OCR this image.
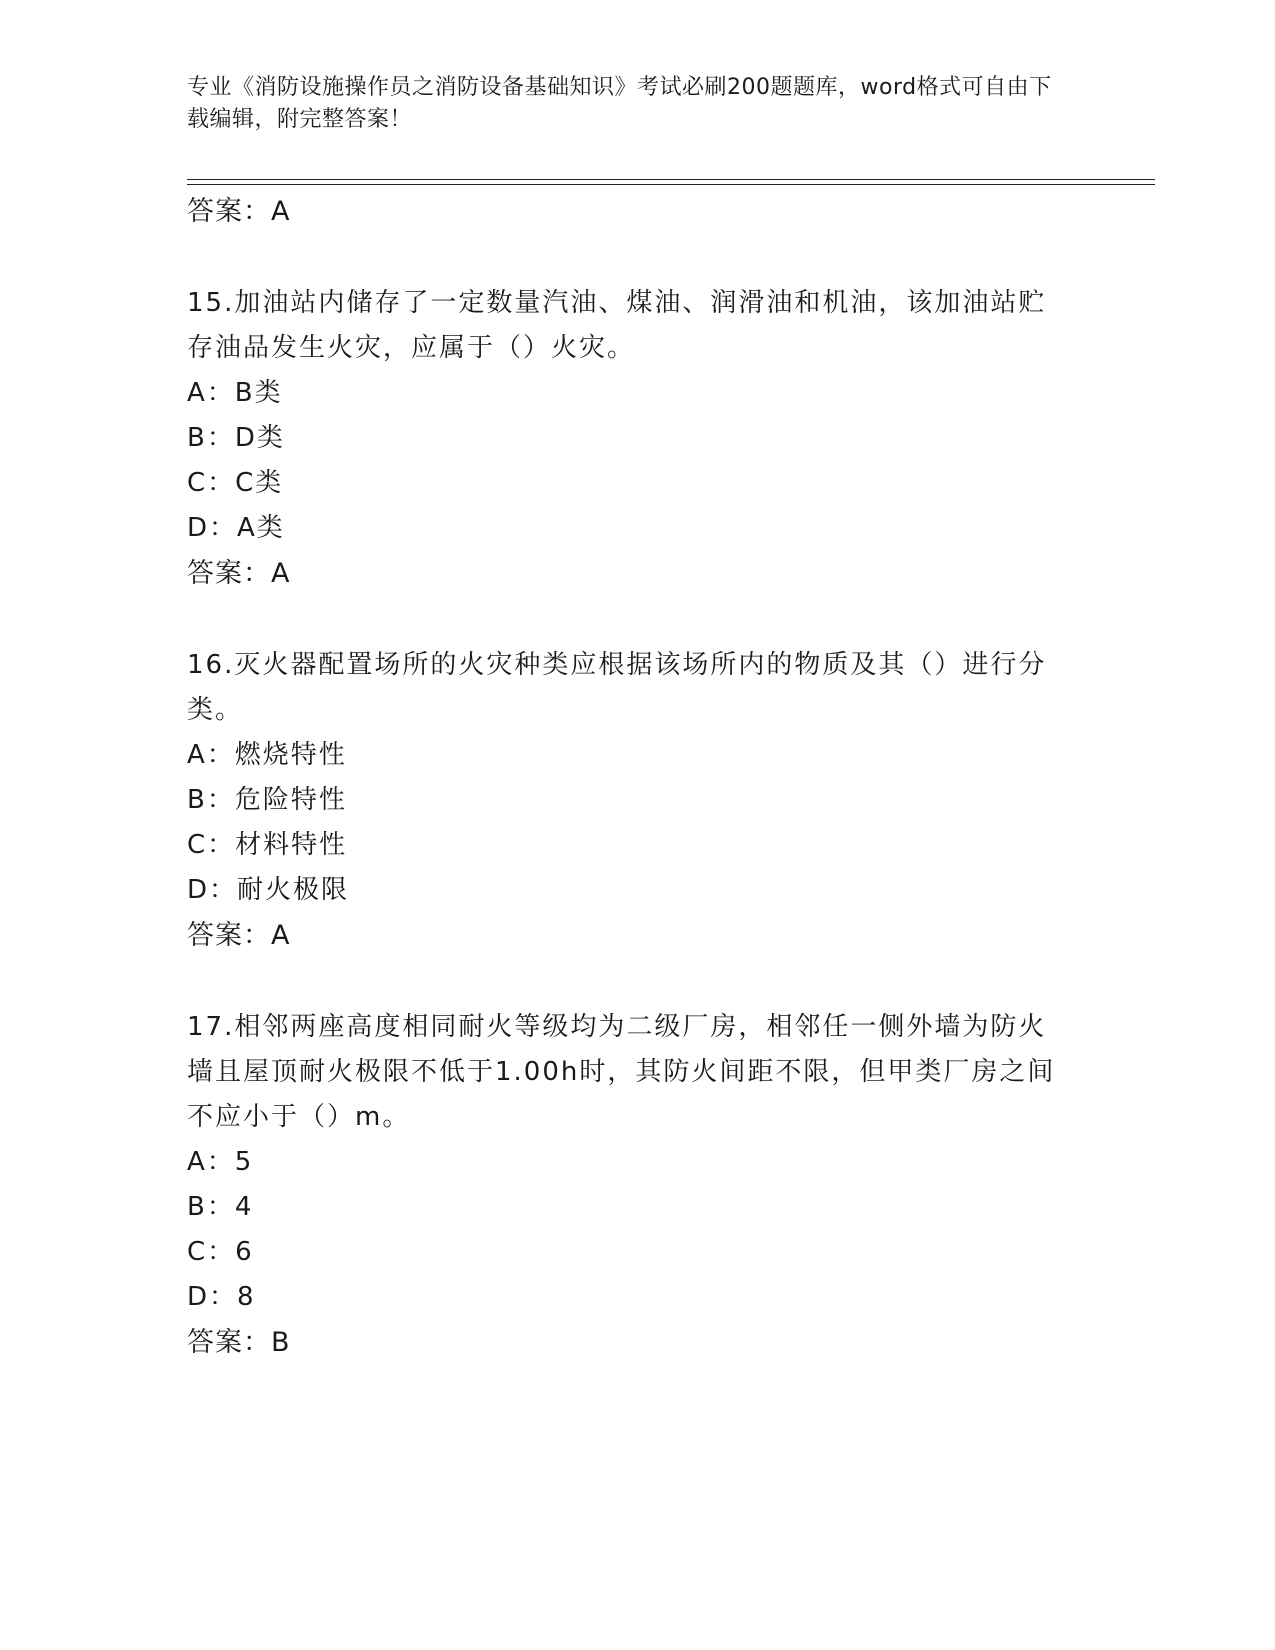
专业《消防设施操作员之消防设备基础知识》考试必刷200题题库，word格式可自由下载编辑，附完整答案！
答案：A
15.加油站内储存了一定数量汽油、煤油、润滑油和机油，该加油站贮存油品发生火灾，应属于（）火灾。
A：B类
B：D类
C：C类
D：A类
答案：A
16.灭火器配置场所的火灾种类应根据该场所内的物质及其（）进行分类。
A：燃烧特性
B：危险特性
C：材料特性
D：耐火极限
答案：A
17.相邻两座高度相同耐火等级均为二级厂房，相邻任一侧外墙为防火墙且屋顶耐火极限不低于1.00h时，其防火间距不限，但甲类厂房之间不应小于（）m。
A：5
B：4
C：6
D：8
答案：B
